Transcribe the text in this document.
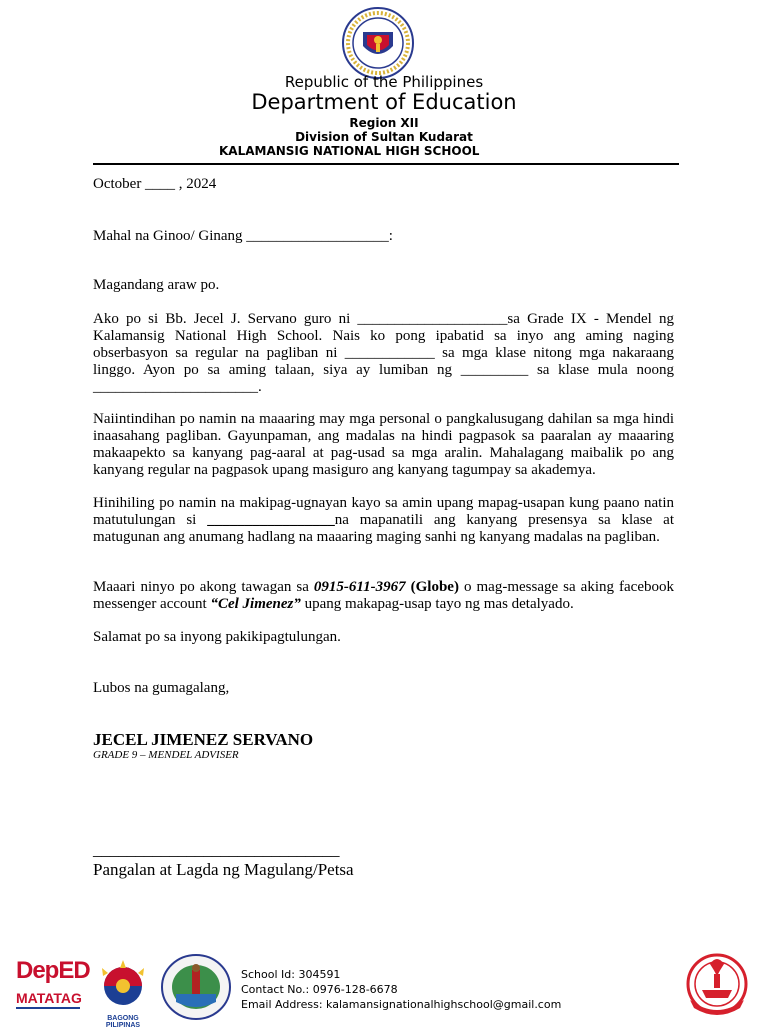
Republic of the Philippines
Department of Education
Region XII
Division of Sultan Kudarat
KALAMANSIG NATIONAL HIGH SCHOOL
October ____ , 2024
Mahal na Ginoo/ Ginang ___________________:
Magandang araw po.
Ako po si Bb. Jecel J. Servano guro ni ____________________sa Grade IX - Mendel ng Kalamansig National High School. Nais ko pong ipabatid sa inyo ang aming naging obserbasyon sa regular na pagliban ni ____________ sa mga klase nitong mga nakaraang linggo. Ayon po sa aming talaan, siya ay lumiban ng _________ sa klase mula noong ______________________.
Naiintindihan po namin na maaaring may mga personal o pangkalusugang dahilan sa mga hindi inaasahang pagliban. Gayunpaman, ang madalas na hindi pagpasok sa paaralan ay maaaring makaapekto sa kanyang pag-aaral at pag-usad sa mga aralin. Mahalagang maibalik po ang kanyang regular na pagpasok upang masiguro ang kanyang tagumpay sa akademya.
Hinihiling po namin na makipag-ugnayan kayo sa amin upang mapag-usapan kung paano natin matutulungan si _________________na mapanatili ang kanyang presensya sa klase at matugunan ang anumang hadlang na maaaring maging sanhi ng kanyang madalas na pagliban.
Maaari ninyo po akong tawagan sa 0915-611-3967 (Globe) o mag-message sa aking facebook messenger account “Cel Jimenez” upang makapag-usap tayo ng mas detalyado.
Salamat po sa inyong pakikipagtulungan.
Lubos na gumagalang,
JECEL JIMENEZ SERVANO
GRADE 9 – MENDEL ADVISER
_____________________________
Pangalan at Lagda ng Magulang/Petsa
DepED
MATATAG
BAGONG PILIPINAS
School Id: 304591
Contact No.: 0976-128-6678
Email Address: kalamansignationalhighschool@gmail.com
